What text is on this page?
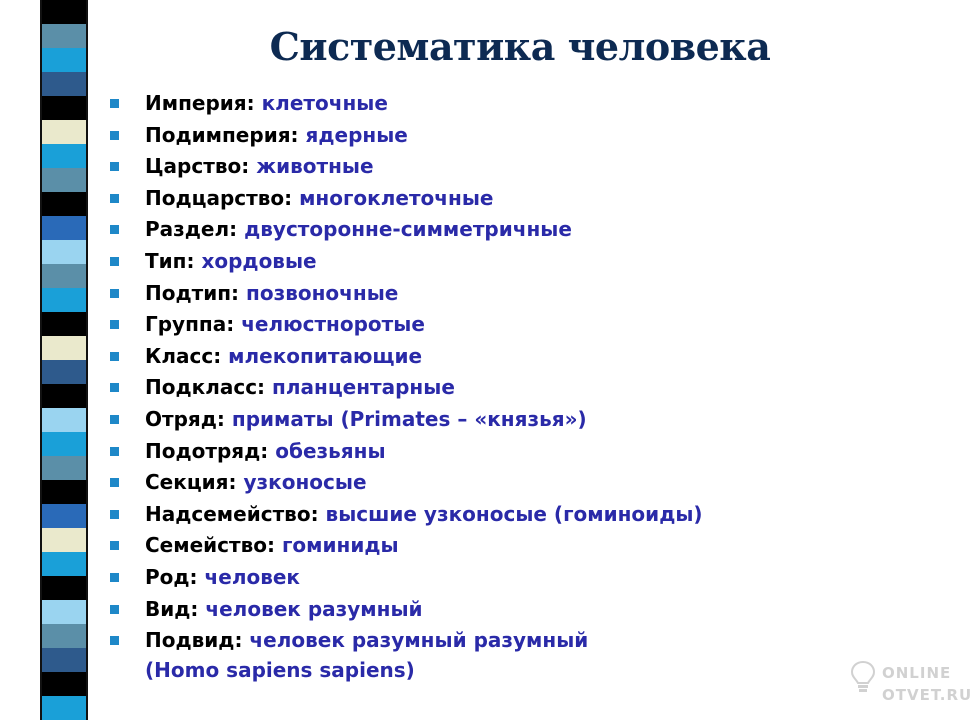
Систематика человека
Империя: клеточные
Подимперия: ядерные
Царство: животные
Подцарство: многоклеточные
Раздел: двусторонне-симметричные
Тип: хордовые
Подтип: позвоночные
Группа: челюстноротые
Класс: млекопитающие
Подкласс: планцентарные
Отряд: приматы (Primates – «князья»)
Подотряд: обезьяны
Секция: узконосые
Надсемейство: высшие узконосые (гоминоиды)
Семейство: гоминиды
Род: человек
Вид: человек разумный
Подвид: человек разумный разумный
(Homo sapiens sapiens)	ONLINE
OTVET.RU
